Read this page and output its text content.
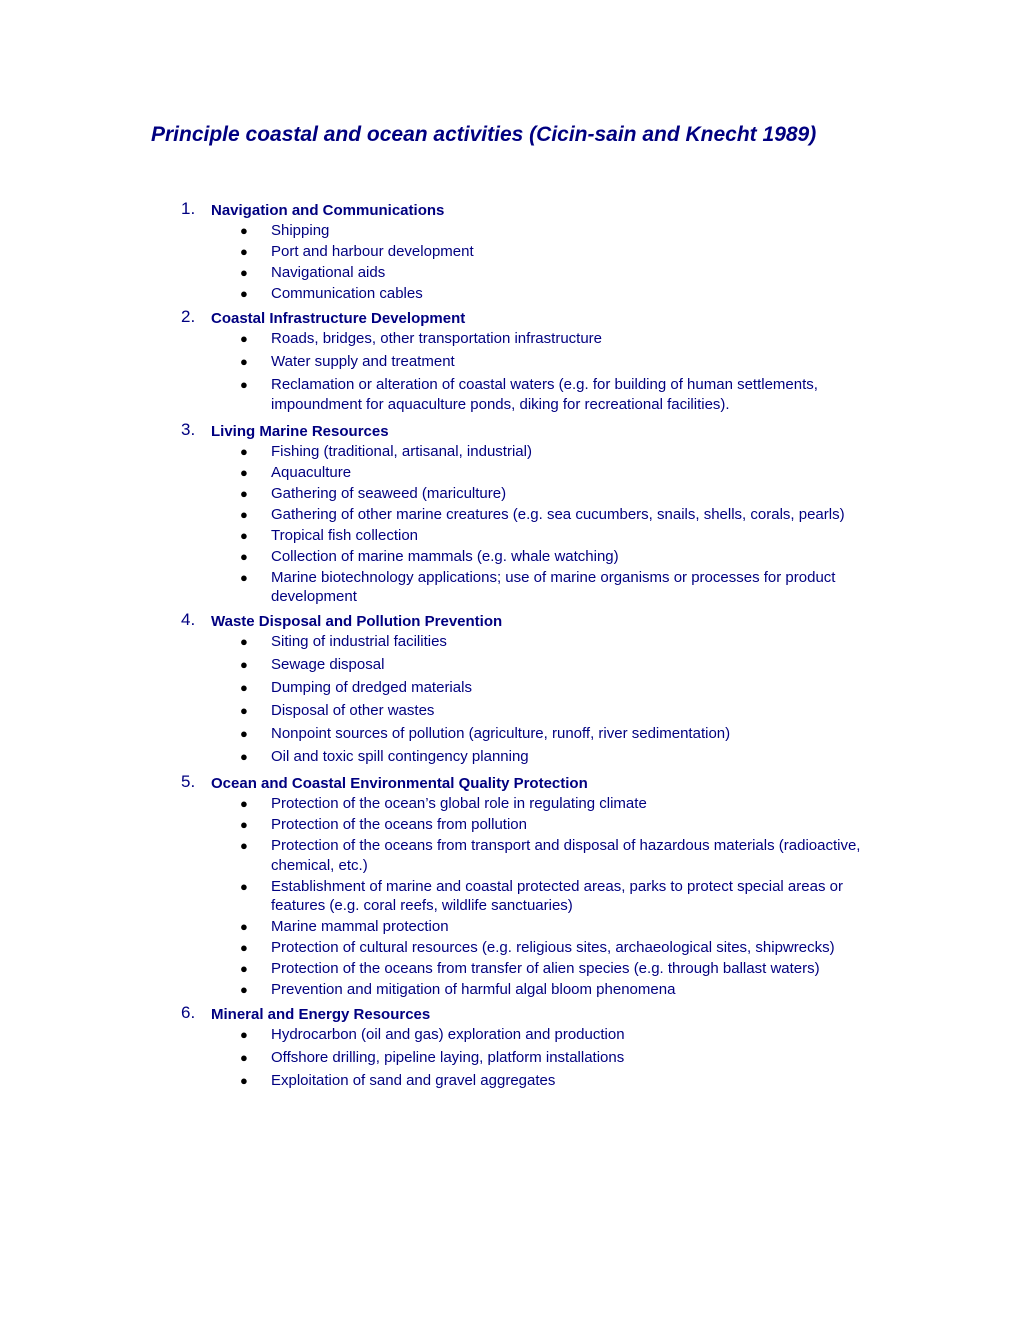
Principle coastal and ocean activities (Cicin-sain and Knecht 1989)
1. Navigation and Communications
● Shipping
● Port and harbour development
● Navigational aids
● Communication cables
2. Coastal Infrastructure Development
● Roads, bridges, other transportation infrastructure
● Water supply and treatment
● Reclamation or alteration of coastal waters (e.g. for building of human settlements, impoundment for aquaculture ponds, diking for recreational facilities).
3. Living Marine Resources
● Fishing (traditional, artisanal, industrial)
● Aquaculture
● Gathering of seaweed (mariculture)
● Gathering of other marine creatures (e.g. sea cucumbers, snails, shells, corals, pearls)
● Tropical fish collection
● Collection of marine mammals (e.g. whale watching)
● Marine biotechnology applications; use of marine organisms or processes for product development
4. Waste Disposal and Pollution Prevention
● Siting of industrial facilities
● Sewage disposal
● Dumping of dredged materials
● Disposal of other wastes
● Nonpoint sources of pollution (agriculture, runoff, river sedimentation)
● Oil and toxic spill contingency planning
5. Ocean and Coastal Environmental Quality Protection
● Protection of the ocean’s global role in regulating climate
● Protection of the oceans from pollution
● Protection of the oceans from transport and disposal of hazardous materials (radioactive, chemical, etc.)
● Establishment of marine and coastal protected areas, parks to protect special areas or features (e.g. coral reefs, wildlife sanctuaries)
● Marine mammal protection
● Protection of cultural resources (e.g. religious sites, archaeological sites, shipwrecks)
● Protection of the oceans from transfer of alien species (e.g. through ballast waters)
● Prevention and mitigation of harmful algal bloom phenomena
6. Mineral and Energy Resources
● Hydrocarbon (oil and gas) exploration and production
● Offshore drilling, pipeline laying, platform installations
● Exploitation of sand and gravel aggregates
